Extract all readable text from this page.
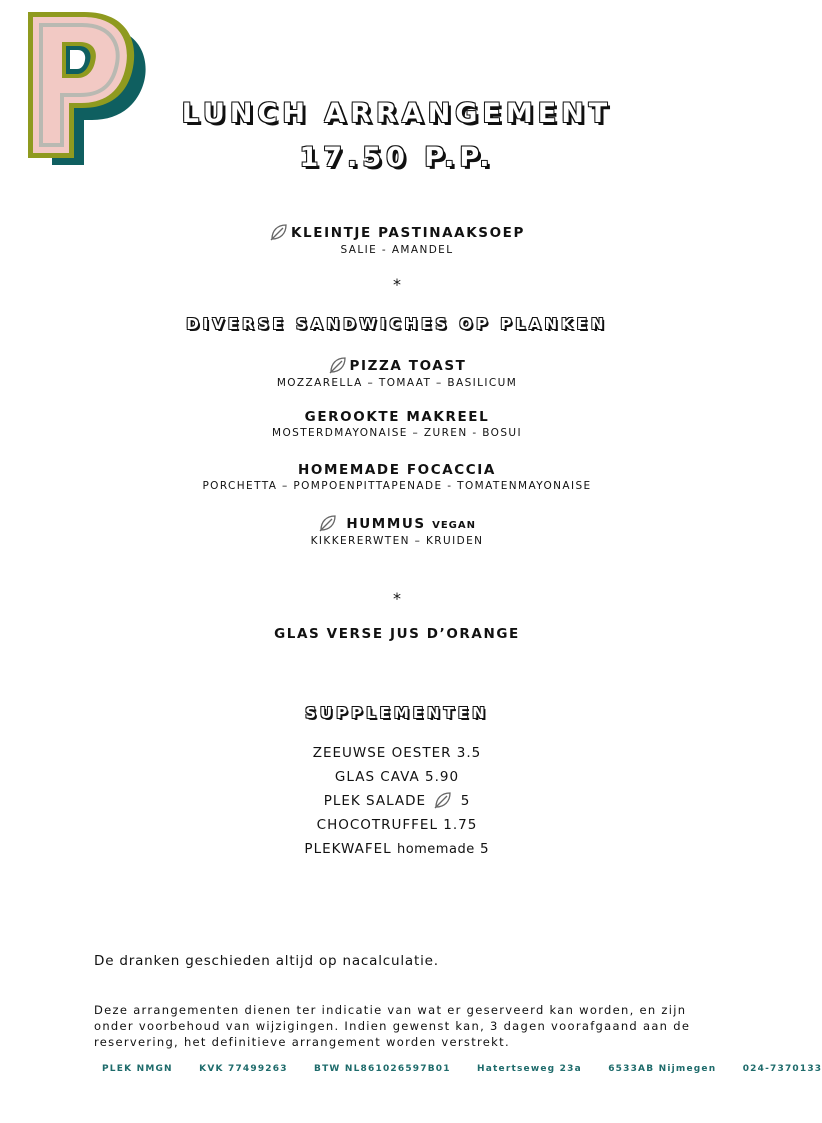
LUNCH ARRANGEMENT
17.50 P.P.
KLEINTJE PASTINAAKSOEP
SALIE - AMANDEL
*
DIVERSE SANDWICHES OP PLANKEN
PIZZA TOAST
MOZZARELLA – TOMAAT – BASILICUM
GEROOKTE MAKREEL
MOSTERDMAYONAISE – ZUREN - BOSUI
HOMEMADE FOCACCIA
PORCHETTA – POMPOENPITTAPENADE - TOMATENMAYONAISE
HUMMUS VEGAN
KIKKERERWTEN – KRUIDEN
*
GLAS VERSE JUS D’ORANGE
SUPPLEMENTEN
ZEEUWSE OESTER 3.5
GLAS CAVA 5.90
PLEK SALADE	5
CHOCOTRUFFEL 1.75
PLEKWAFEL homemade 5
De dranken geschieden altijd op nacalculatie.
Deze arrangementen dienen ter indicatie van wat er geserveerd kan worden, en zijn onder voorbehoud van wijzigingen. Indien gewenst kan, 3 dagen voorafgaand aan de reservering, het definitieve arrangement worden verstrekt.
PLEK NMGN	KVK 77499263	BTW NL861026597B01	Hatertseweg 23a	6533AB Nijmegen	024-7370133
